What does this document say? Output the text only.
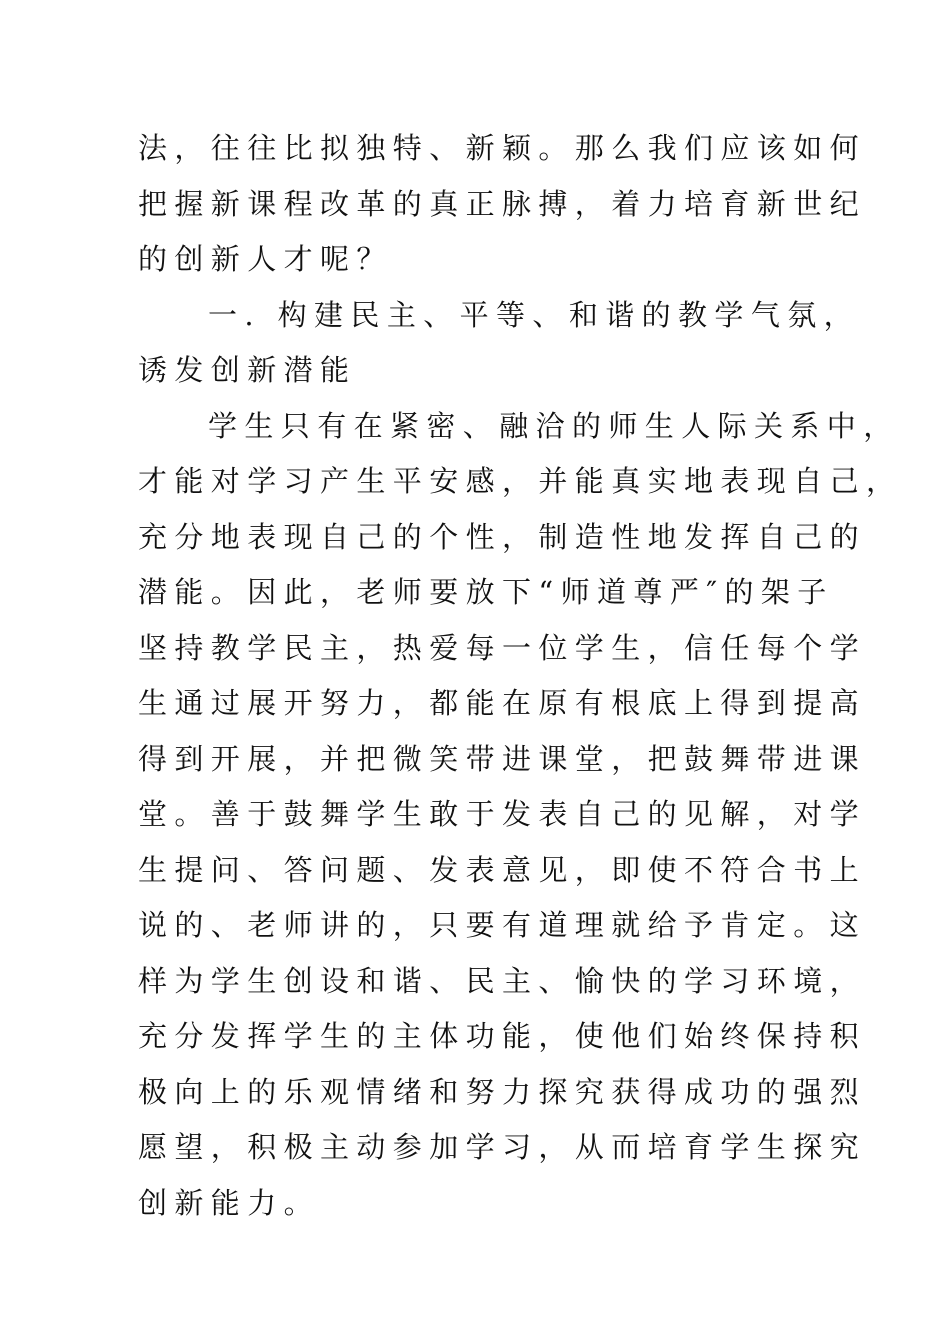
法，往往比拟独特、新颖。那么我们应该如何
把握新课程改革的真正脉搏，着力培育新世纪
的创新人才呢？
一. 构建民主、平等、和谐的教学气氛，
诱发创新潜能
学生只有在紧密、融洽的师生人际关系中，
才能对学习产生平安感，并能真实地表现自己，
充分地表现自己的个性，制造性地发挥自己的
潜能。因此，老师要放下“师道尊严″的架子
坚持教学民主，热爱每一位学生，信任每个学
生通过展开努力，都能在原有根底上得到提高
得到开展，并把微笑带进课堂，把鼓舞带进课
堂。善于鼓舞学生敢于发表自己的见解，对学
生提问、答问题、发表意见，即使不符合书上
说的、老师讲的，只要有道理就给予肯定。这
样为学生创设和谐、民主、愉快的学习环境，
充分发挥学生的主体功能，使他们始终保持积
极向上的乐观情绪和努力探究获得成功的强烈
愿望，积极主动参加学习，从而培育学生探究
创新能力。
